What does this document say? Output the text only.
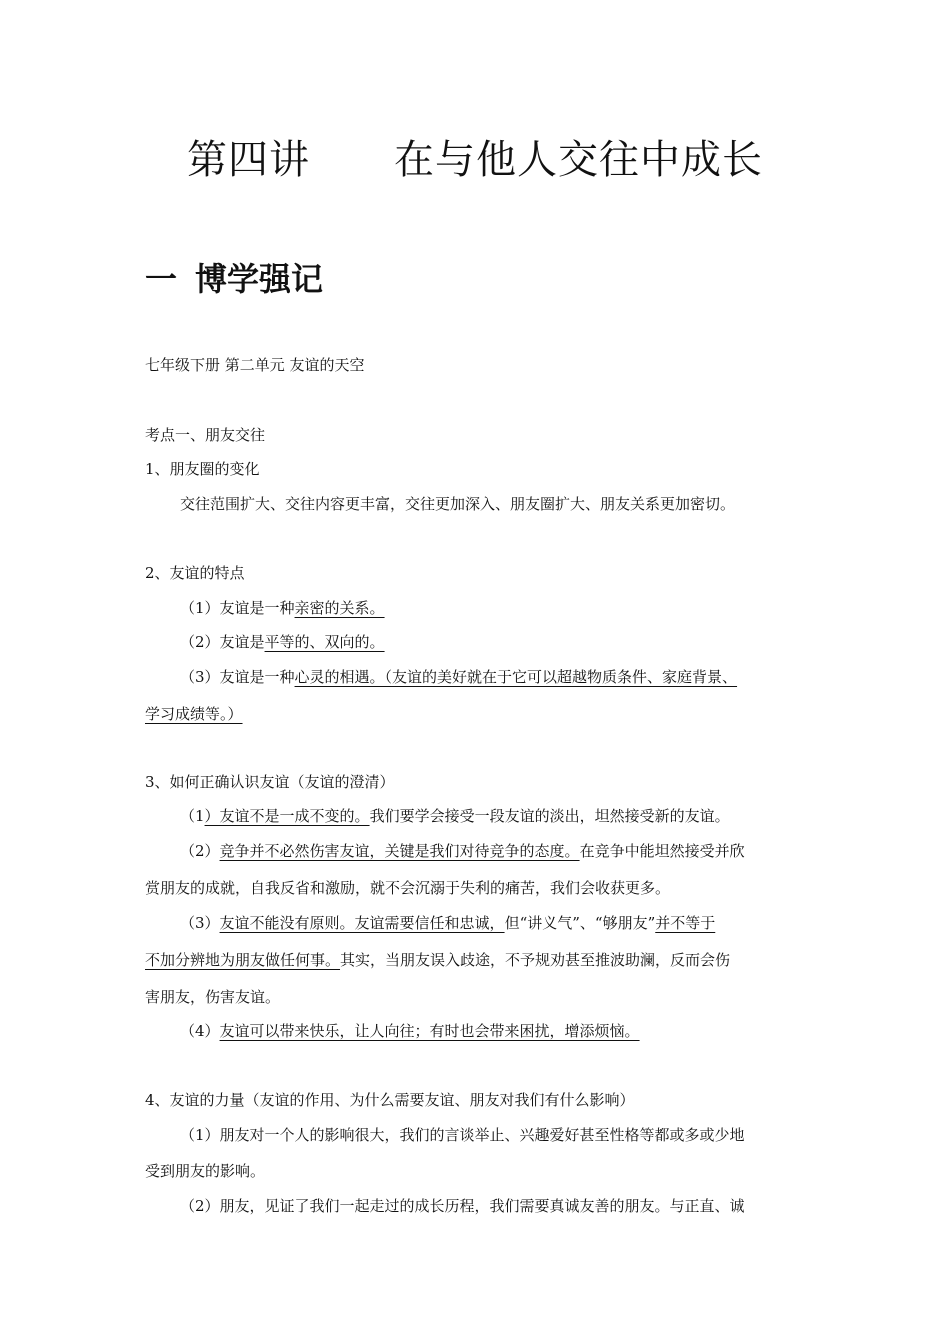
第四讲 在与他人交往中成长
一 博学强记
七年级下册 第二单元 友谊的天空
考点一、朋友交往
1、朋友圈的变化
交往范围扩大、交往内容更丰富，交往更加深入、朋友圈扩大、朋友关系更加密切。
2、友谊的特点
（1）友谊是一种亲密的关系。
（2）友谊是平等的、双向的。
（3）友谊是一种心灵的相遇。（友谊的美好就在于它可以超越物质条件、家庭背景、
学习成绩等。）
3、如何正确认识友谊（友谊的澄清）
（1）友谊不是一成不变的。我们要学会接受一段友谊的淡出，坦然接受新的友谊。
（2）竞争并不必然伤害友谊，关键是我们对待竞争的态度。在竞争中能坦然接受并欣
赏朋友的成就，自我反省和激励，就不会沉溺于失利的痛苦，我们会收获更多。
（3）友谊不能没有原则。友谊需要信任和忠诚，但“讲义气”、“够朋友”并不等于
不加分辨地为朋友做任何事。其实，当朋友误入歧途，不予规劝甚至推波助澜，反而会伤
害朋友，伤害友谊。
（4）友谊可以带来快乐，让人向往；有时也会带来困扰，增添烦恼。
4、友谊的力量（友谊的作用、为什么需要友谊、朋友对我们有什么影响）
（1）朋友对一个人的影响很大，我们的言谈举止、兴趣爱好甚至性格等都或多或少地
受到朋友的影响。
（2）朋友，见证了我们一起走过的成长历程，我们需要真诚友善的朋友。与正直、诚
